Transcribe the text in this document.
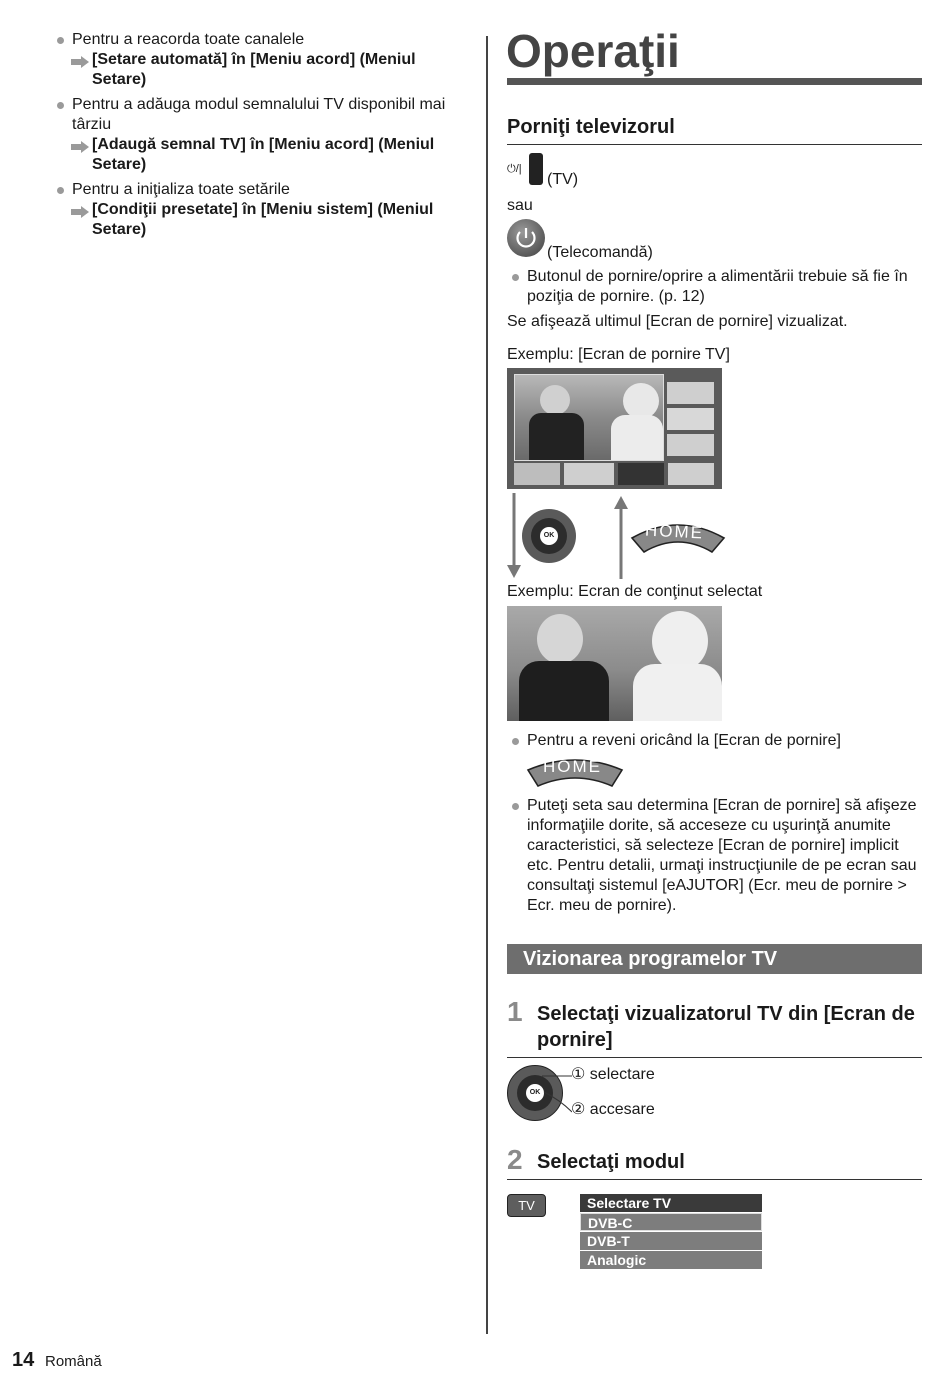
Pentru a reacorda toate canalele
[Setare automată] în [Meniu acord] (Meniul Setare)
Pentru a adăuga modul semnalului TV disponibil mai târziu
[Adaugă semnal TV] în [Meniu acord] (Meniul Setare)
Pentru a iniţializa toate setările
[Condiţii presetate] în [Meniu sistem] (Meniul Setare)
Operaţii
Porniţi televizorul
⏻/|
(TV)
sau
(Telecomandă)
Butonul de pornire/oprire a alimentării trebuie să fie în poziţia de pornire. (p. 12)
Se afişează ultimul [Ecran de pornire] vizualizat.
Exemplu: [Ecran de pornire TV]
OK	HOME
Exemplu: Ecran de conţinut selectat
Pentru a reveni oricând la [Ecran de pornire]
HOME
Puteţi seta sau determina [Ecran de pornire] să afişeze informaţiile dorite, să acceseze cu uşurinţă anumite caracteristici, să selecteze [Ecran de pornire] implicit etc. Pentru detalii, urmaţi instrucţiunile de pe ecran sau consultaţi sistemul [eAJUTOR] (Ecr. meu de pornire > Ecr. meu de pornire).
Vizionarea programelor TV
1 Selectaţi vizualizatorul TV din [Ecran de pornire]
OK
① selectare
② accesare
2 Selectaţi modul
TV	Selectare TV
DVB-C
DVB-T
Analogic
14 Română
